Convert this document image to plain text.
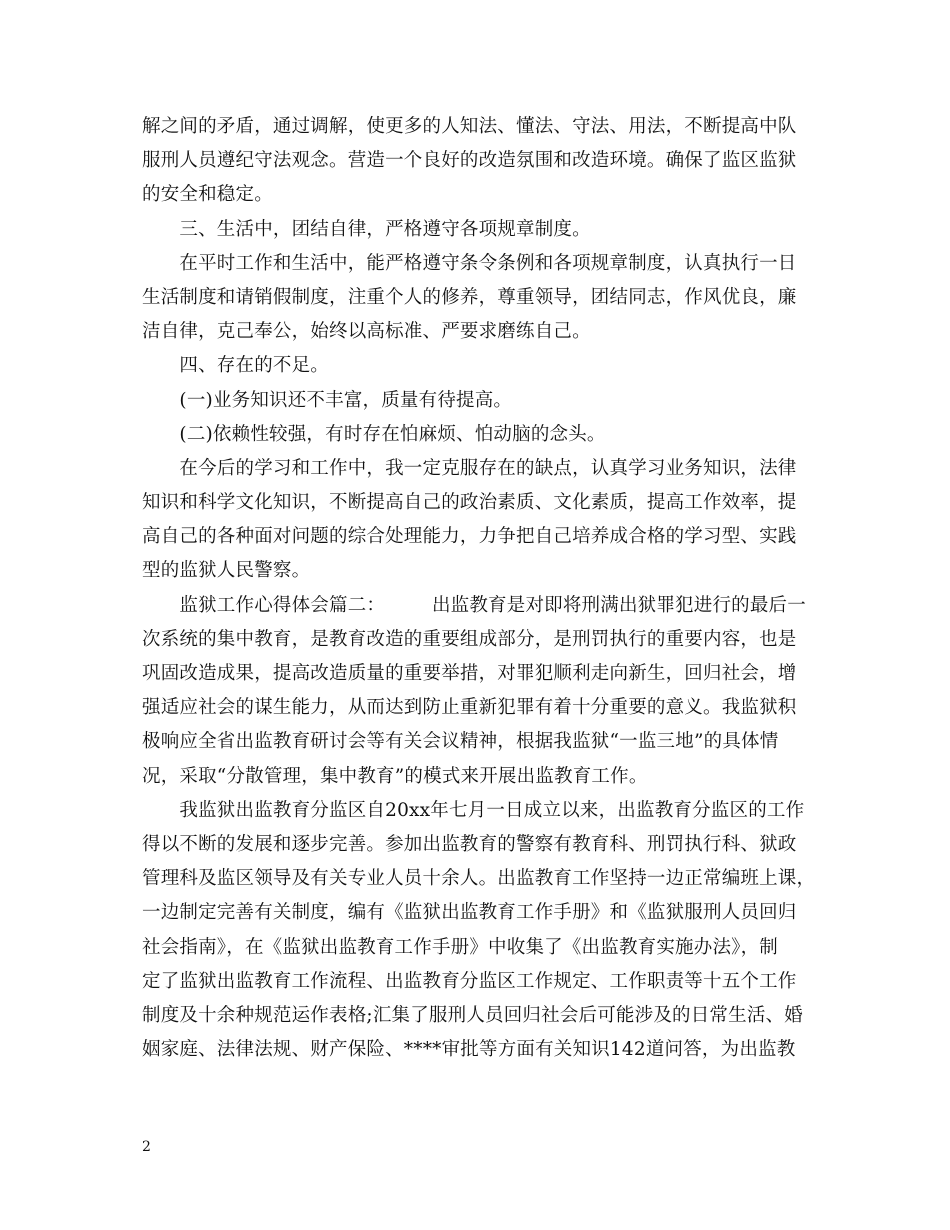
解之间的矛盾，通过调解，使更多的人知法、懂法、守法、用法，不断提高中队
服刑人员遵纪守法观念。营造一个良好的改造氛围和改造环境。确保了监区监狱
的安全和稳定。
　　三、生活中，团结自律，严格遵守各项规章制度。
　　在平时工作和生活中，能严格遵守条令条例和各项规章制度，认真执行一日
生活制度和请销假制度，注重个人的修养，尊重领导，团结同志，作风优良，廉
洁自律，克己奉公，始终以高标准、严要求磨练自己。
　　四、存在的不足。
　　(一)业务知识还不丰富，质量有待提高。
　　(二)依赖性较强，有时存在怕麻烦、怕动脑的念头。
　　在今后的学习和工作中，我一定克服存在的缺点，认真学习业务知识，法律
知识和科学文化知识，不断提高自己的政治素质、文化素质，提高工作效率，提
高自己的各种面对问题的综合处理能力，力争把自己培养成合格的学习型、实践
型的监狱人民警察。
　　监狱工作心得体会篇二：　　　出监教育是对即将刑满出狱罪犯进行的最后一
次系统的集中教育，是教育改造的重要组成部分，是刑罚执行的重要内容，也是
巩固改造成果，提高改造质量的重要举措，对罪犯顺利走向新生，回归社会，增
强适应社会的谋生能力，从而达到防止重新犯罪有着十分重要的意义。我监狱积
极响应全省出监教育研讨会等有关会议精神，根据我监狱“一监三地”的具体情
况，采取“分散管理，集中教育”的模式来开展出监教育工作。
　　我监狱出监教育分监区自20xx年七月一日成立以来，出监教育分监区的工作
得以不断的发展和逐步完善。参加出监教育的警察有教育科、刑罚执行科、狱政
管理科及监区领导及有关专业人员十余人。出监教育工作坚持一边正常编班上课，
一边制定完善有关制度，编有《监狱出监教育工作手册》和《监狱服刑人员回归
社会指南》，在《监狱出监教育工作手册》中收集了《出监教育实施办法》，制
定了监狱出监教育工作流程、出监教育分监区工作规定、工作职责等十五个工作
制度及十余种规范运作表格;汇集了服刑人员回归社会后可能涉及的日常生活、婚
姻家庭、法律法规、财产保险、****审批等方面有关知识142道问答，为出监教
2
